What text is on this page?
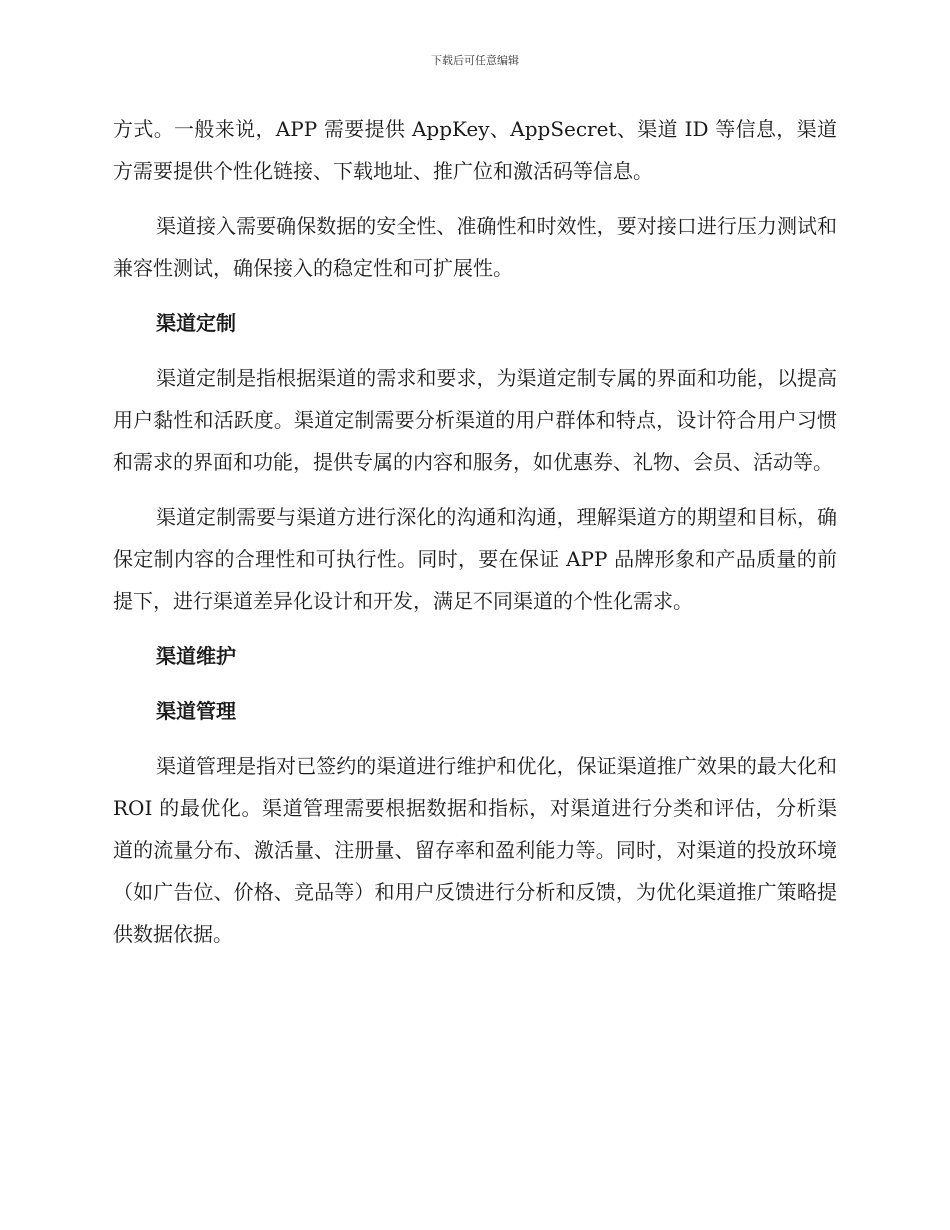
下载后可任意编辑

方式。一般来说，APP 需要提供 AppKey、AppSecret、渠道 ID 等信息，渠道方需要提供个性化链接、下载地址、推广位和激活码等信息。

渠道接入需要确保数据的安全性、准确性和时效性，要对接口进行压力测试和兼容性测试，确保接入的稳定性和可扩展性。

渠道定制

渠道定制是指根据渠道的需求和要求，为渠道定制专属的界面和功能，以提高用户黏性和活跃度。渠道定制需要分析渠道的用户群体和特点，设计符合用户习惯和需求的界面和功能，提供专属的内容和服务，如优惠券、礼物、会员、活动等。

渠道定制需要与渠道方进行深化的沟通和沟通，理解渠道方的期望和目标，确保定制内容的合理性和可执行性。同时，要在保证 APP 品牌形象和产品质量的前提下，进行渠道差异化设计和开发，满足不同渠道的个性化需求。

渠道维护

渠道管理

渠道管理是指对已签约的渠道进行维护和优化，保证渠道推广效果的最大化和 ROI 的最优化。渠道管理需要根据数据和指标，对渠道进行分类和评估，分析渠道的流量分布、激活量、注册量、留存率和盈利能力等。同时，对渠道的投放环境（如广告位、价格、竞品等）和用户反馈进行分析和反馈，为优化渠道推广策略提供数据依据。
